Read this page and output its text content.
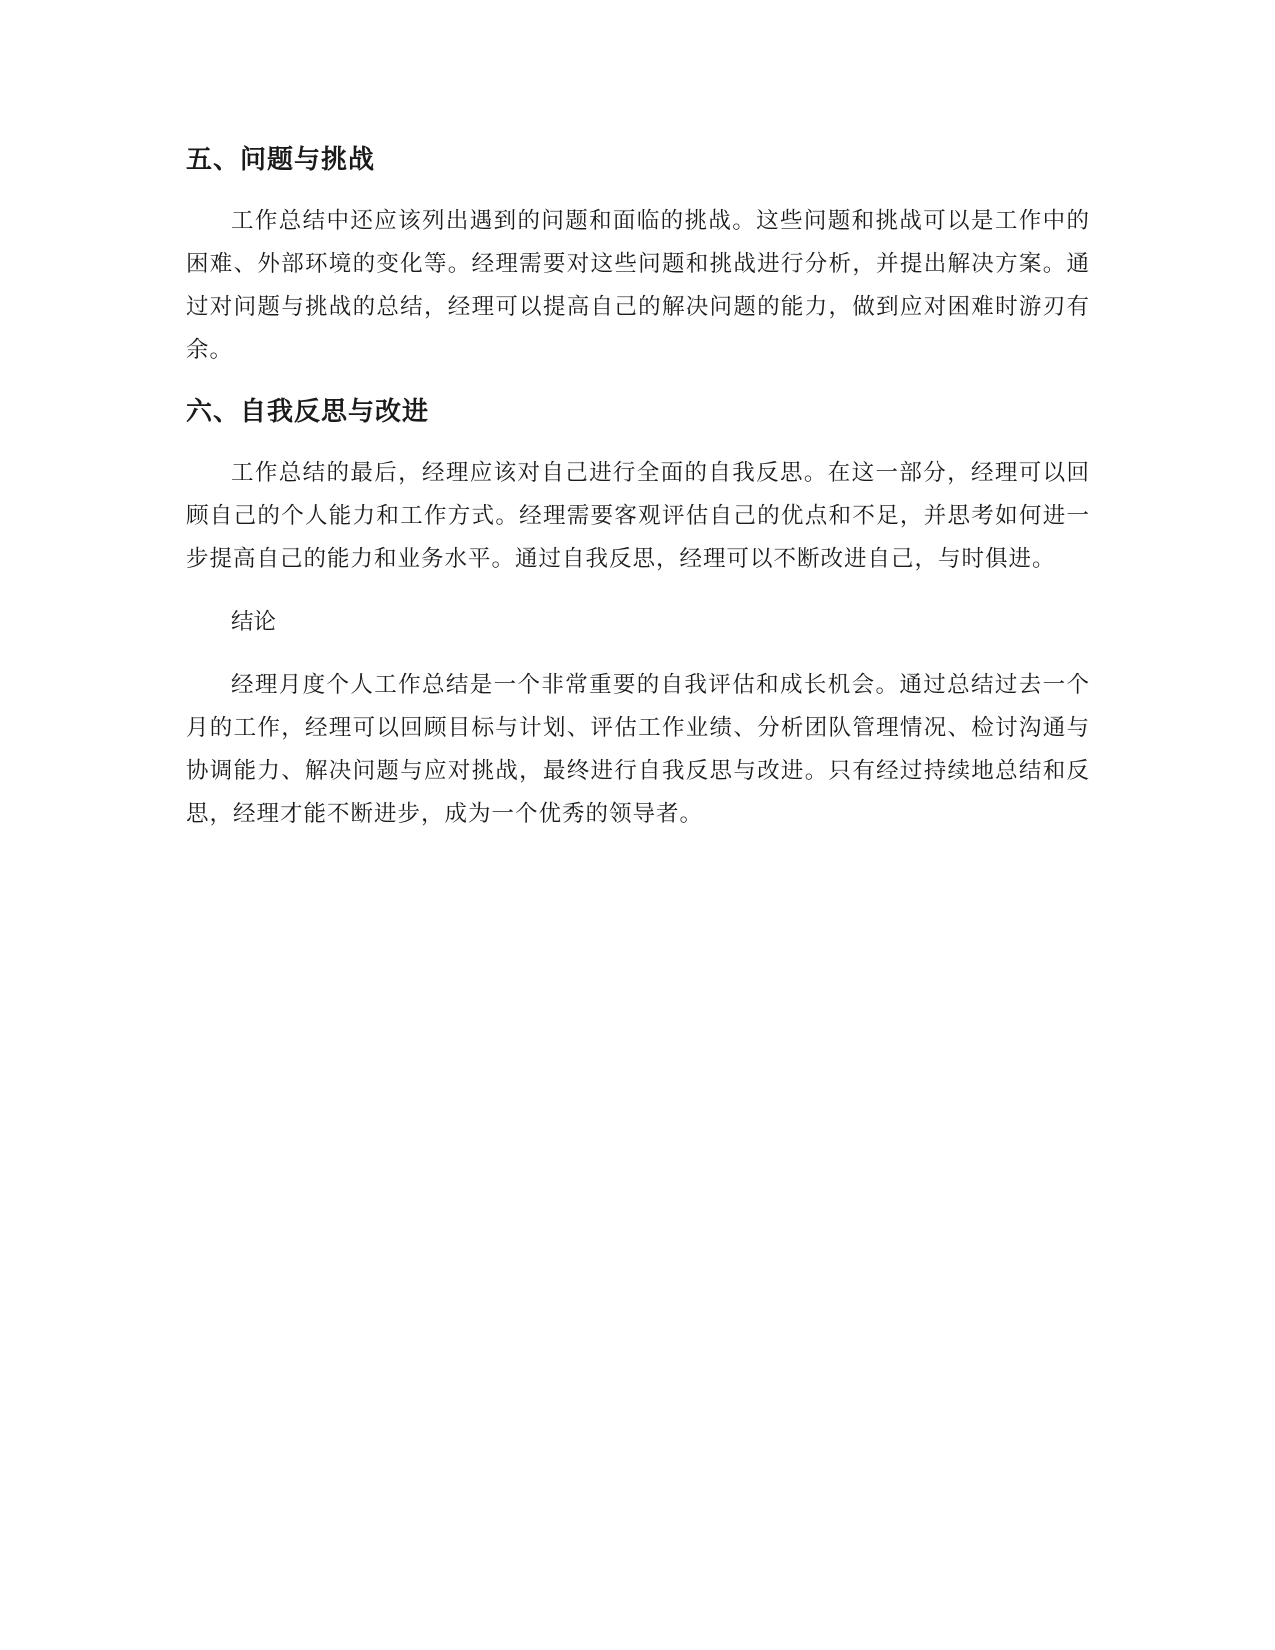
五、问题与挑战

工作总结中还应该列出遇到的问题和面临的挑战。这些问题和挑战可以是工作中的困难、外部环境的变化等。经理需要对这些问题和挑战进行分析，并提出解决方案。通过对问题与挑战的总结，经理可以提高自己的解决问题的能力，做到应对困难时游刃有余。

六、自我反思与改进

工作总结的最后，经理应该对自己进行全面的自我反思。在这一部分，经理可以回顾自己的个人能力和工作方式。经理需要客观评估自己的优点和不足，并思考如何进一步提高自己的能力和业务水平。通过自我反思，经理可以不断改进自己，与时俱进。

结论

经理月度个人工作总结是一个非常重要的自我评估和成长机会。通过总结过去一个月的工作，经理可以回顾目标与计划、评估工作业绩、分析团队管理情况、检讨沟通与协调能力、解决问题与应对挑战，最终进行自我反思与改进。只有经过持续地总结和反思，经理才能不断进步，成为一个优秀的领导者。
